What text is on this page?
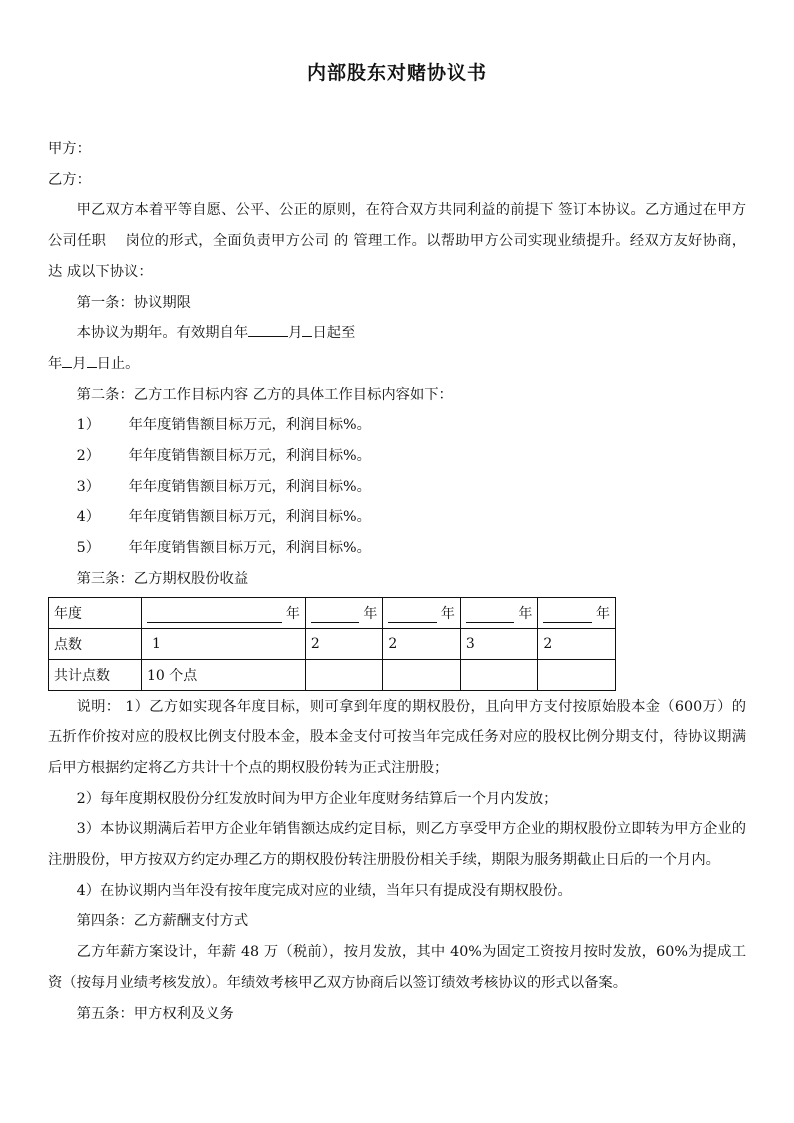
内部股东对赌协议书
甲方：
乙方：
甲乙双方本着平等自愿、公平、公正的原则，在符合双方共同利益的前提下 签订本协议。乙方通过在甲方公司任职　 岗位的形式，全面负责甲方公司 的 管理工作。以帮助甲方公司实现业绩提升。经双方友好协商，达 成以下协议：
第一条：协议期限
本协议为期年。有效期自年	月 日起至
年 月 日止。
第二条：乙方工作目标内容 乙方的具体工作目标内容如下：
1） 年年度销售额目标万元，利润目标%。
2） 年年度销售额目标万元，利润目标%。
3） 年年度销售额目标万元，利润目标%。
4） 年年度销售额目标万元，利润目标%。
5） 年年度销售额目标万元，利润目标%。
第三条：乙方期权股份收益
年度	年	年	年	年	年

点数	1	2	2	3	2
共计点数	10 个点				
说明： 1）乙方如实现各年度目标，则可拿到年度的期权股份，且向甲方支付按原始股本金（600万）的五折作价按对应的股权比例支付股本金，股本金支付可按当年完成任务对应的股权比例分期支付，待协议期满后甲方根据约定将乙方共计十个点的期权股份转为正式注册股；
2）每年度期权股份分红发放时间为甲方企业年度财务结算后一个月内发放；
3）本协议期满后若甲方企业年销售额达成约定目标，则乙方享受甲方企业的期权股份立即转为甲方企业的注册股份，甲方按双方约定办理乙方的期权股份转注册股份相关手续，期限为服务期截止日后的一个月内。
4）在协议期内当年没有按年度完成对应的业绩，当年只有提成没有期权股份。
第四条：乙方薪酬支付方式
乙方年薪方案设计，年薪 48 万（税前），按月发放，其中 40%为固定工资按月按时发放，60%为提成工资（按每月业绩考核发放）。年绩效考核甲乙双方协商后以签订绩效考核协议的形式以备案。
第五条：甲方权利及义务
